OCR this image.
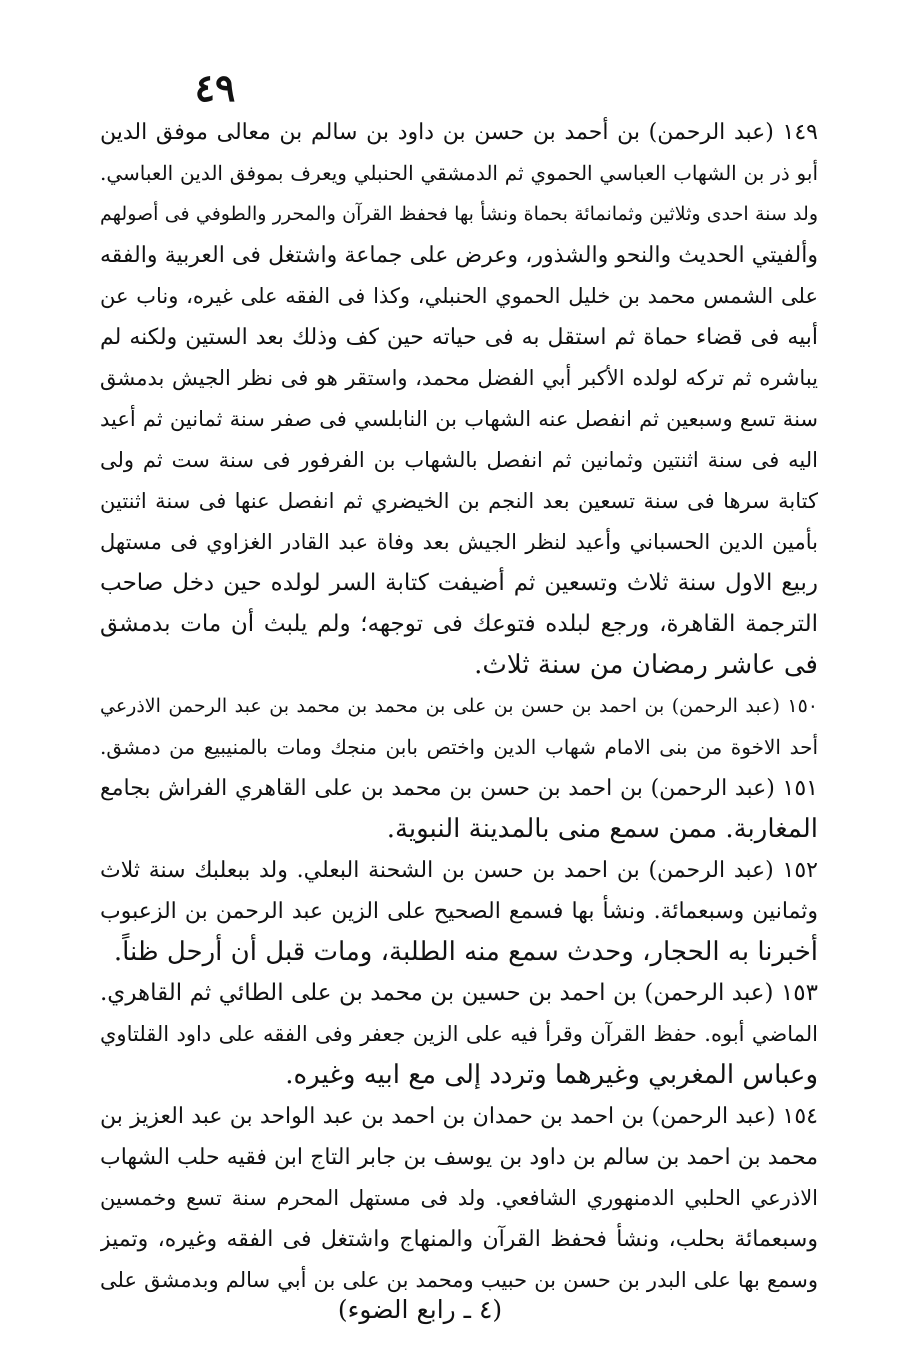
٤٩
١٤٩ (عبد الرحمن) بن أحمد بن حسن بن داود بن سالم بن معالى موفق الدين
أبو ذر بن الشهاب العباسي الحموي ثم الدمشقي الحنبلي ويعرف بموفق الدين العباسي.
ولد سنة احدى وثلاثين وثمانمائة بحماة ونشأ بها فحفظ القرآن والمحرر والطوفي فى أصولهم
وألفيتي الحديث والنحو والشذور، وعرض على جماعة واشتغل فى العربية والفقه
على الشمس محمد بن خليل الحموي الحنبلي، وكذا فى الفقه على غيره، وناب عن
أبيه فى قضاء حماة ثم استقل به فى حياته حين كف وذلك بعد الستين ولكنه لم
يباشره ثم تركه لولده الأكبر أبي الفضل محمد، واستقر هو فى نظر الجيش بدمشق
سنة تسع وسبعين ثم انفصل عنه الشهاب بن النابلسي فى صفر سنة ثمانين ثم أعيد
اليه فى سنة اثنتين وثمانين ثم انفصل بالشهاب بن الفرفور فى سنة ست ثم ولى
كتابة سرها فى سنة تسعين بعد النجم بن الخيضري ثم انفصل عنها فى سنة اثنتين
بأمين الدين الحسباني وأعيد لنظر الجيش بعد وفاة عبد القادر الغزاوي فى مستهل
ربيع الاول سنة ثلاث وتسعين ثم أضيفت كتابة السر لولده حين دخل صاحب
الترجمة القاهرة، ورجع لبلده فتوعك فى توجهه؛ ولم يلبث أن مات بدمشق
فى عاشر رمضان من سنة ثلاث.
١٥٠ (عبد الرحمن) بن احمد بن حسن بن على بن محمد بن محمد بن عبد الرحمن الاذرعي
أحد الاخوة من بنى الامام شهاب الدين واختص بابن منجك ومات بالمنيبيع من دمشق.
١٥١ (عبد الرحمن) بن احمد بن حسن بن محمد بن على القاهري الفراش بجامع
المغاربة. ممن سمع منى بالمدينة النبوية.
١٥٢ (عبد الرحمن) بن احمد بن حسن بن الشحنة البعلي. ولد ببعلبك سنة ثلاث
وثمانين وسبعمائة. ونشأ بها فسمع الصحيح على الزين عبد الرحمن بن الزعبوب
أخبرنا به الحجار، وحدث سمع منه الطلبة، ومات قبل أن أرحل ظناً.
١٥٣ (عبد الرحمن) بن احمد بن حسين بن محمد بن على الطائي ثم القاهري.
الماضي أبوه. حفظ القرآن وقرأ فيه على الزين جعفر وفى الفقه على داود القلتاوي
وعباس المغربي وغيرهما وتردد إلى مع ابيه وغيره.
١٥٤ (عبد الرحمن) بن احمد بن حمدان بن احمد بن عبد الواحد بن عبد العزيز بن
محمد بن احمد بن سالم بن داود بن يوسف بن جابر التاج ابن فقيه حلب الشهاب
الاذرعي الحلبي الدمنهوري الشافعي. ولد فى مستهل المحرم سنة تسع وخمسين
وسبعمائة بحلب، ونشأ فحفظ القرآن والمنهاج واشتغل فى الفقه وغيره، وتميز
وسمع بها على البدر بن حسن بن حبيب ومحمد بن على بن أبي سالم وبدمشق على
(٤ ـ رابع الضوء)
